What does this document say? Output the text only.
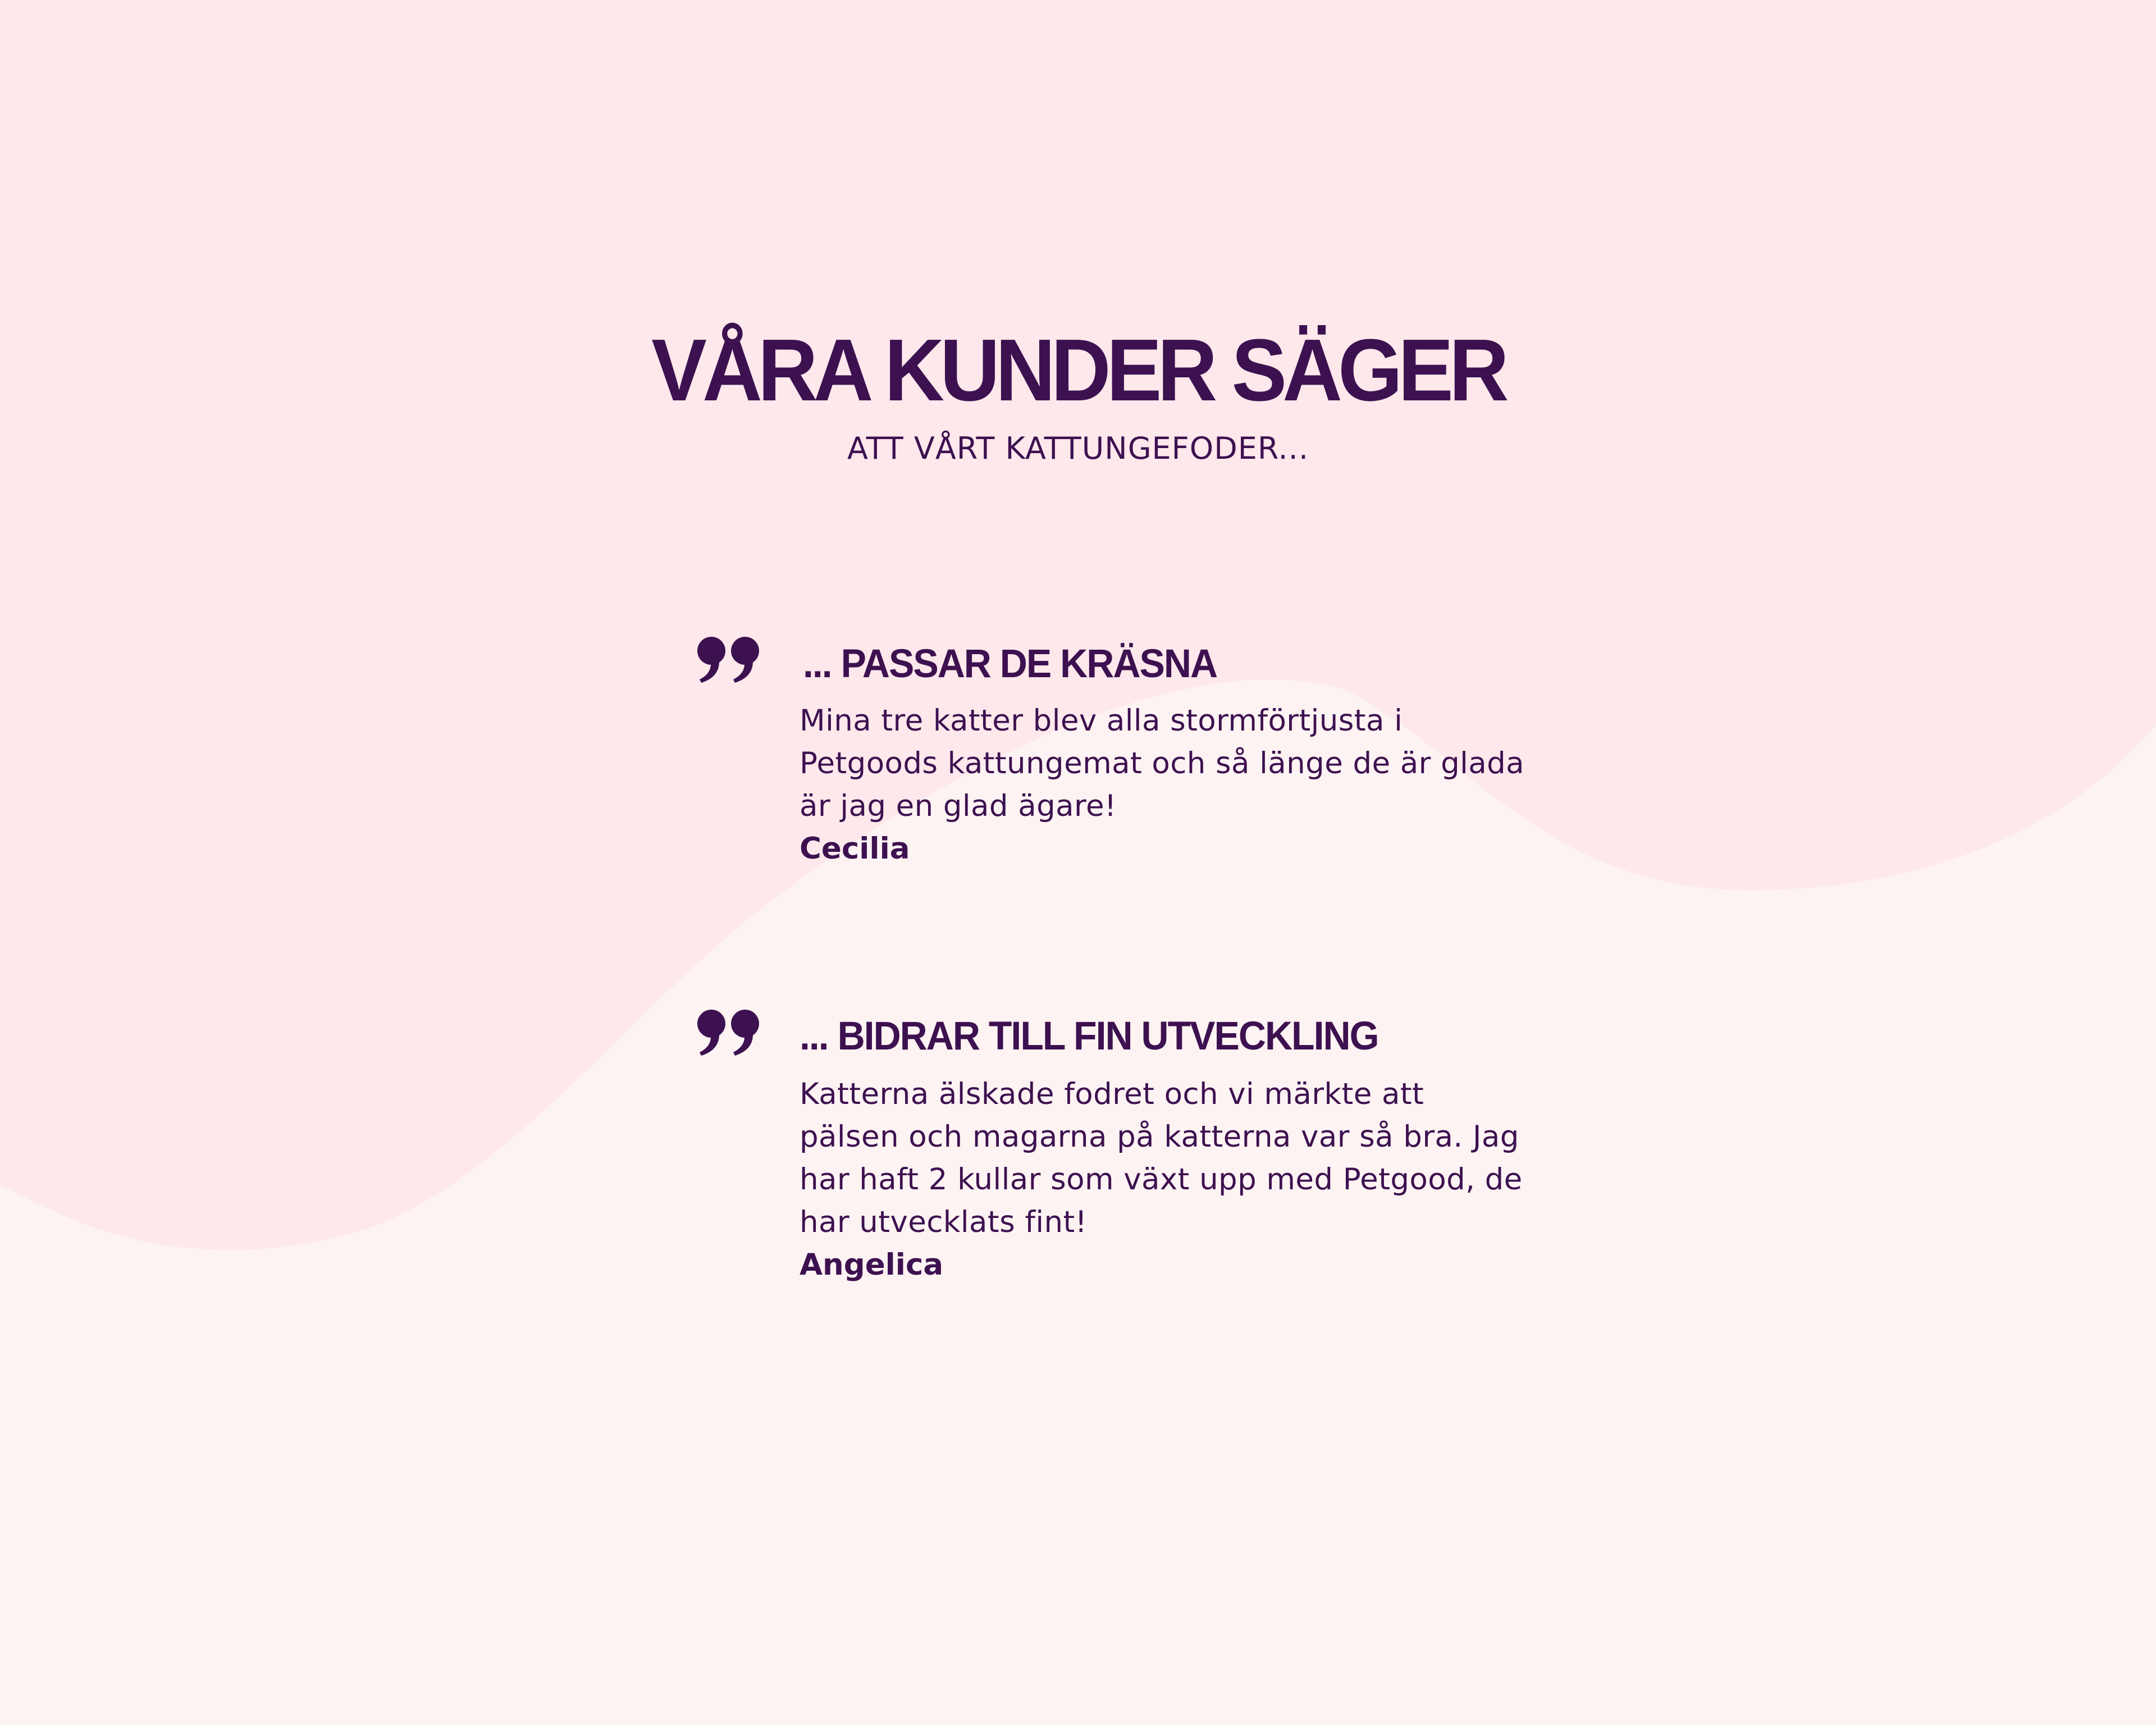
VÅRA KUNDER SÄGER
ATT VÅRT KATTUNGEFODER...
... PASSAR DE KRÄSNA
Mina tre katter blev alla stormförtjusta i Petgoods kattungemat och så länge de är glada är jag en glad ägare!
Cecilia
... BIDRAR TILL FIN UTVECKLING
Katterna älskade fodret och vi märkte att pälsen och magarna på katterna var så bra. Jag har haft 2 kullar som växt upp med Petgood, de har utvecklats fint!
Angelica
